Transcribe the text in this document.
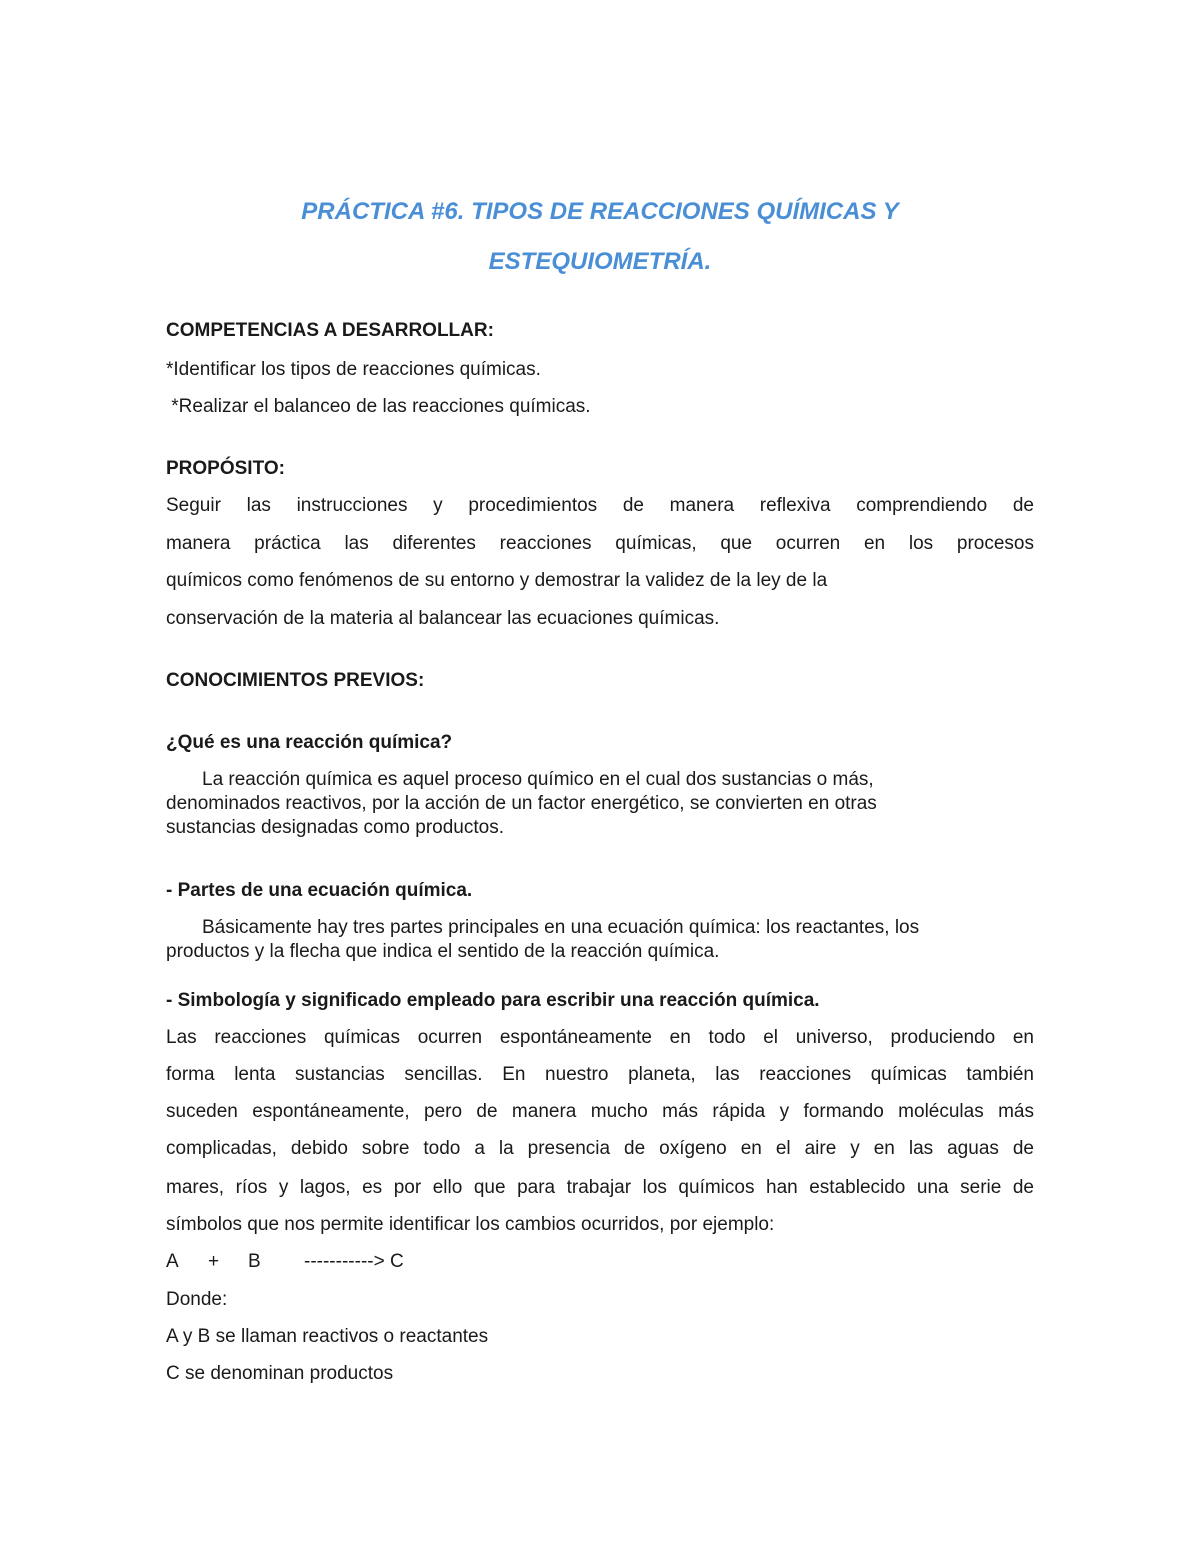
PRÁCTICA #6. TIPOS DE REACCIONES QUÍMICAS Y
ESTEQUIOMETRÍA.
COMPETENCIAS A DESARROLLAR:
*Identificar los tipos de reacciones químicas.
*Realizar el balanceo de las reacciones químicas.
PROPÓSITO:
Seguir las instrucciones y procedimientos de manera reflexiva comprendiendo de
manera práctica las diferentes reacciones químicas, que ocurren en los procesos
químicos como fenómenos de su entorno y demostrar la validez de la ley de la
conservación de la materia al balancear las ecuaciones químicas.
CONOCIMIENTOS PREVIOS:
¿Qué es una reacción química?
La reacción química es aquel proceso químico en el cual dos sustancias o más,
denominados reactivos, por la acción de un factor energético, se convierten en otras
sustancias designadas como productos.
- Partes de una ecuación química.
Básicamente hay tres partes principales en una ecuación química: los reactantes, los
productos y la flecha que indica el sentido de la reacción química.
- Simbología y significado empleado para escribir una reacción química.
Las reacciones químicas ocurren espontáneamente en todo el universo, produciendo en
forma lenta sustancias sencillas. En nuestro planeta, las reacciones químicas también
suceden espontáneamente, pero de manera mucho más rápida y formando moléculas más
complicadas, debido sobre todo a la presencia de oxígeno en el aire y en las aguas de
mares, ríos y lagos, es por ello que para trabajar los químicos han establecido una serie de
símbolos que nos permite identificar los cambios ocurridos, por ejemplo:
A + B -----------> C
Donde:
A y B se llaman reactivos o reactantes
C se denominan productos
